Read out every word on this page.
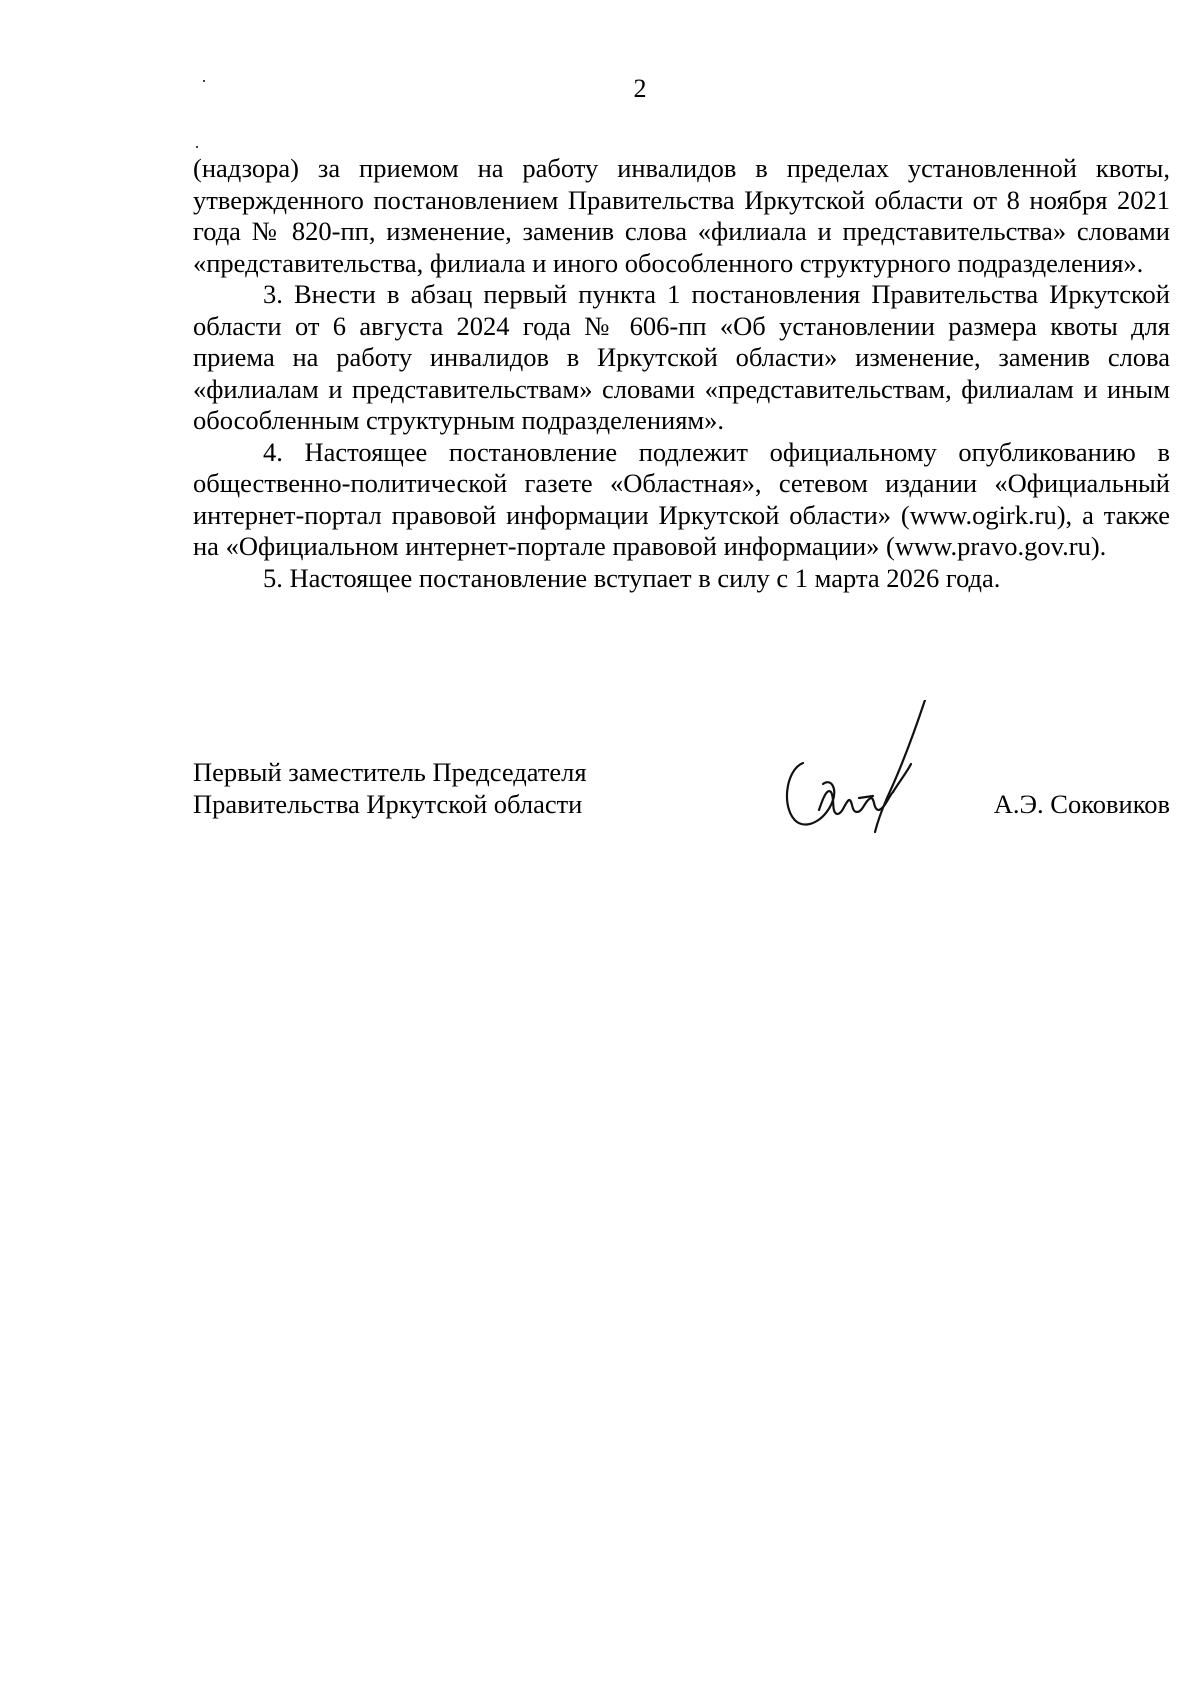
2

(надзора) за приемом на работу инвалидов в пределах установленной квоты, утвержденного постановлением Правительства Иркутской области от 8 ноября 2021 года № 820-пп, изменение, заменив слова «филиала и представительства» словами «представительства, филиала и иного обособленного структурного подразделения».

3. Внести в абзац первый пункта 1 постановления Правительства Иркутской области от 6 августа 2024 года № 606-пп «Об установлении размера квоты для приема на работу инвалидов в Иркутской области» изменение, заменив слова «филиалам и представительствам» словами «представительствам, филиалам и иным обособленным структурным подразделениям».

4. Настоящее постановление подлежит официальному опубликованию в общественно-политической газете «Областная», сетевом издании «Официальный интернет-портал правовой информации Иркутской области» (www.ogirk.ru), а также на «Официальном интернет-портале правовой информации» (www.pravo.gov.ru).

5. Настоящее постановление вступает в силу с 1 марта 2026 года.

Первый заместитель Председателя
Правительства Иркутской области	А.Э. Соковиков
